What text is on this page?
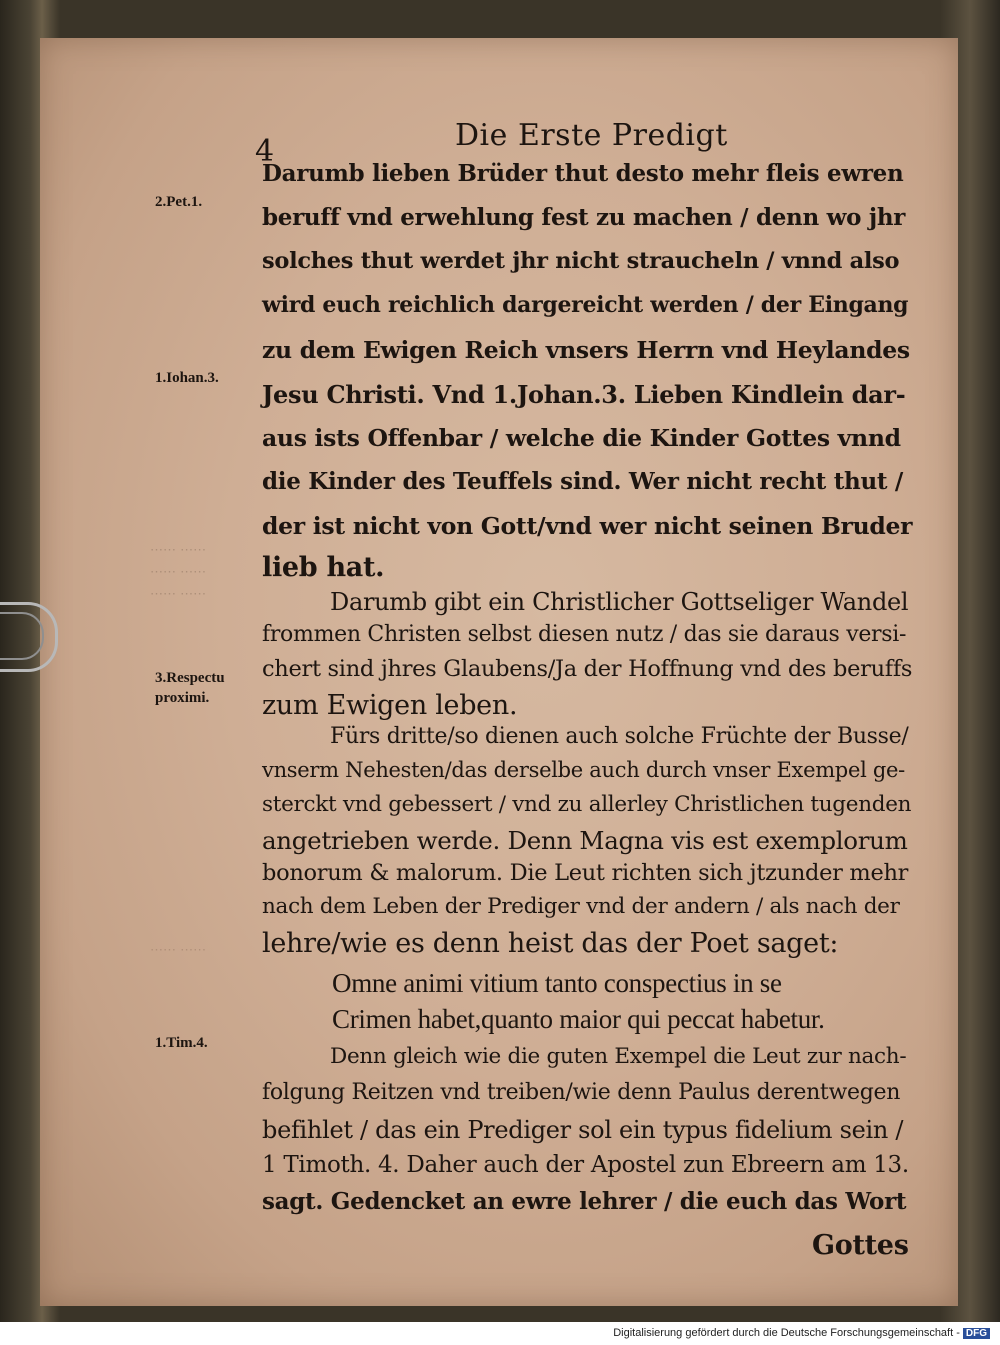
⋯⋯ ⋯⋯
⋯⋯ ⋯⋯
⋯⋯ ⋯⋯
⋯⋯ ⋯⋯
4	Die Erste Predigt
2.Pet.1.
1.Iohan.3.
3.Respectu
proximi.
1.Tim.4.
Darumb lieben Brüder thut desto mehr fleis ewren
beruff vnd erwehlung fest zu machen / denn wo jhr
solches thut werdet jhr nicht straucheln / vnnd also
wird euch reichlich dargereicht werden / der Eingang
zu dem Ewigen Reich vnsers Herrn vnd Heylandes
Jesu Christi. Vnd 1.Johan.3. Lieben Kindlein dar-
aus ists Offenbar / welche die Kinder Gottes vnnd
die Kinder des Teuffels sind. Wer nicht recht thut /
der ist nicht von Gott/vnd wer nicht seinen Bruder
lieb hat.
Darumb gibt ein Christlicher Gottseliger Wandel
frommen Christen selbst diesen nutz / das sie daraus versi-
chert sind jhres Glaubens/Ja der Hoffnung vnd des beruffs
zum Ewigen leben.
Fürs dritte/so dienen auch solche Früchte der Busse/
vnserm Nehesten/das derselbe auch durch vnser Exempel ge-
sterckt vnd gebessert / vnd zu allerley Christlichen tugenden
angetrieben werde. Denn Magna vis est exemplorum
bonorum & malorum. Die Leut richten sich jtzunder mehr
nach dem Leben der Prediger vnd der andern / als nach der
lehre/wie es denn heist das der Poet saget:
Omne animi vitium tanto conspectius in se
Crimen habet,quanto maior qui peccat habetur.
Denn gleich wie die guten Exempel die Leut zur nach-
folgung Reitzen vnd treiben/wie denn Paulus derentwegen
befihlet / das ein Prediger sol ein typus fidelium sein /
1 Timoth. 4. Daher auch der Apostel zun Ebreern am 13.
sagt. Gedencket an ewre lehrer / die euch das Wort
Gottes
Digitalisierung gefördert durch die Deutsche Forschungsgemeinschaft - DFG
